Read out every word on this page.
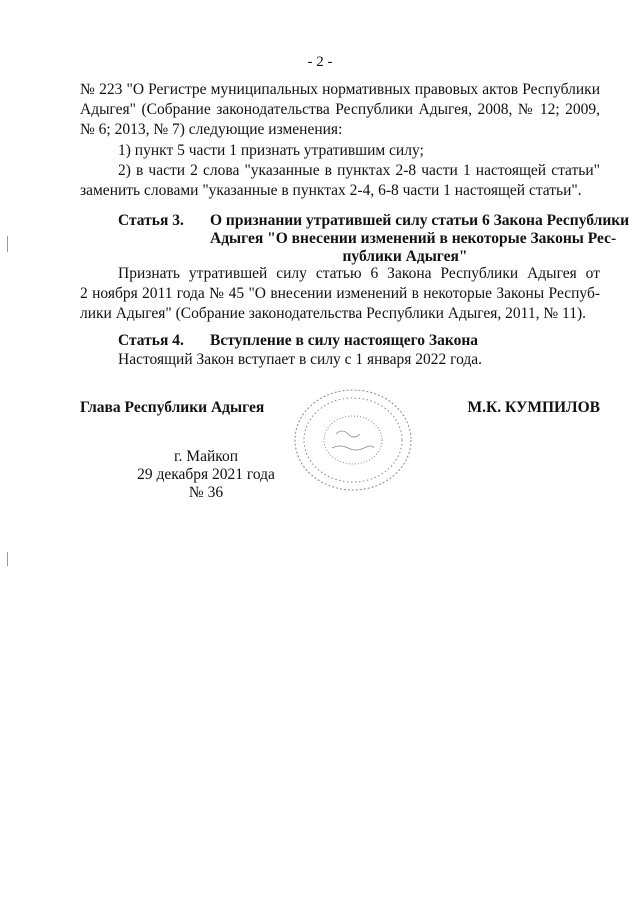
- 2 -
№ 223 "О Регистре муниципальных нормативных правовых актов Республики
Адыгея" (Собрание законодательства Республики Адыгея, 2008, № 12; 2009,
№ 6; 2013, № 7) следующие изменения:
1) пункт 5 части 1 признать утратившим силу;
2) в части 2 слова "указанные в пунктах 2-8 части 1 настоящей статьи"
заменить словами "указанные в пунктах 2-4, 6-8 части 1 настоящей статьи".
Статья 3. О признании утратившей силу статьи 6 Закона Республики
Адыгея "О внесении изменений в некоторые Законы Рес-
публики Адыгея"
Признать утратившей силу статью 6 Закона Республики Адыгея от
2 ноября 2011 года № 45 "О внесении изменений в некоторые Законы Респуб-
лики Адыгея" (Собрание законодательства Республики Адыгея, 2011, № 11).
Статья 4. Вступление в силу настоящего Закона
Настоящий Закон вступает в силу с 1 января 2022 года.
Глава Республики Адыгея	М.К. КУМПИЛОВ
г. Майкоп
29 декабря 2021 года
№ 36
